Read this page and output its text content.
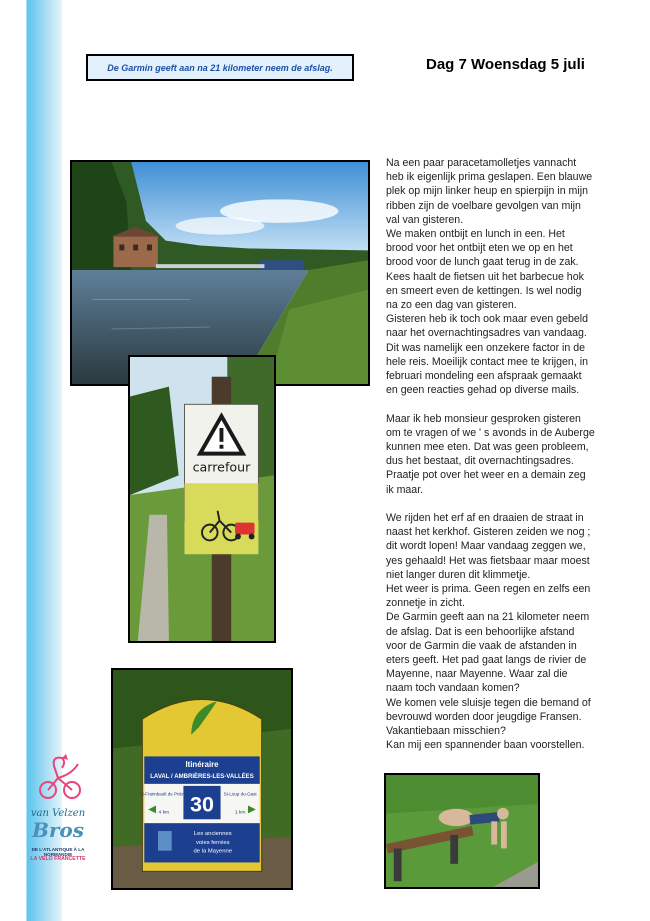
De Garmin geeft aan na 21 kilometer neem de afslag.	Dag 7 Woensdag 5 juli

Na een paar paracetamolletjes vannacht
heb ik eigenlijk prima geslapen. Een blauwe
plek op mijn linker heup en spierpijn in mijn
ribben zijn de voelbare gevolgen van mijn
val van gisteren.
We maken ontbijt en lunch in een. Het
brood voor het ontbijt eten we op en het
brood voor de lunch gaat terug in de zak.
Kees haalt de fietsen uit het barbecue hok
en smeert even de kettingen. Is wel nodig
na zo een dag van gisteren.
Gisteren heb ik toch ook maar even gebeld
naar het overnachtingsadres van vandaag.
Dit was namelijk een onzekere factor in de
hele reis. Moeilijk contact mee te krijgen, in
februari mondeling een afspraak gemaakt
en geen reacties gehad op diverse mails.

Maar ik heb monsieur gesproken gisteren
om te vragen of we ' s avonds in de Auberge
kunnen mee eten. Dat was geen probleem,
dus het bestaat, dit overnachtingsadres.
Praatje pot over het weer en a demain zeg
ik maar.

We rijden het erf af en draaien de straat in
naast het kerkhof. Gisteren zeiden we nog ;
dit wordt lopen! Maar vandaag zeggen we,
yes gehaald! Het was fietsbaar maar moest
niet langer duren dit klimmetje.
Het weer is prima. Geen regen en zelfs een
zonnetje in zicht.
De Garmin geeft aan na 21 kilometer neem
de afslag. Dat is een behoorlijke afstand
voor de Garmin die vaak de afstanden in
eters geeft. Het pad gaat langs de rivier de
Mayenne, naar Mayenne. Waar zal die
naam toch vandaan komen?
We komen vele sluisje tegen die bemand of
bevrouwd worden door jeugdige Fransen.
Vakantiebaan misschien?
Kan mij een spannender baan voorstellen.

carrefour
Itinéraire
LAVAL / AMBRIÈRES-LES-VALLÉES
30
St-Fraimbault de Prières
4 km
St-Loup du-Gast
1 km
Les anciennes
voies ferrées
de la Mayenne
van Velzen
Bros
DE L'ATLANTIQUE À LA NORMANDIE
LA VELO FRANCETTE
